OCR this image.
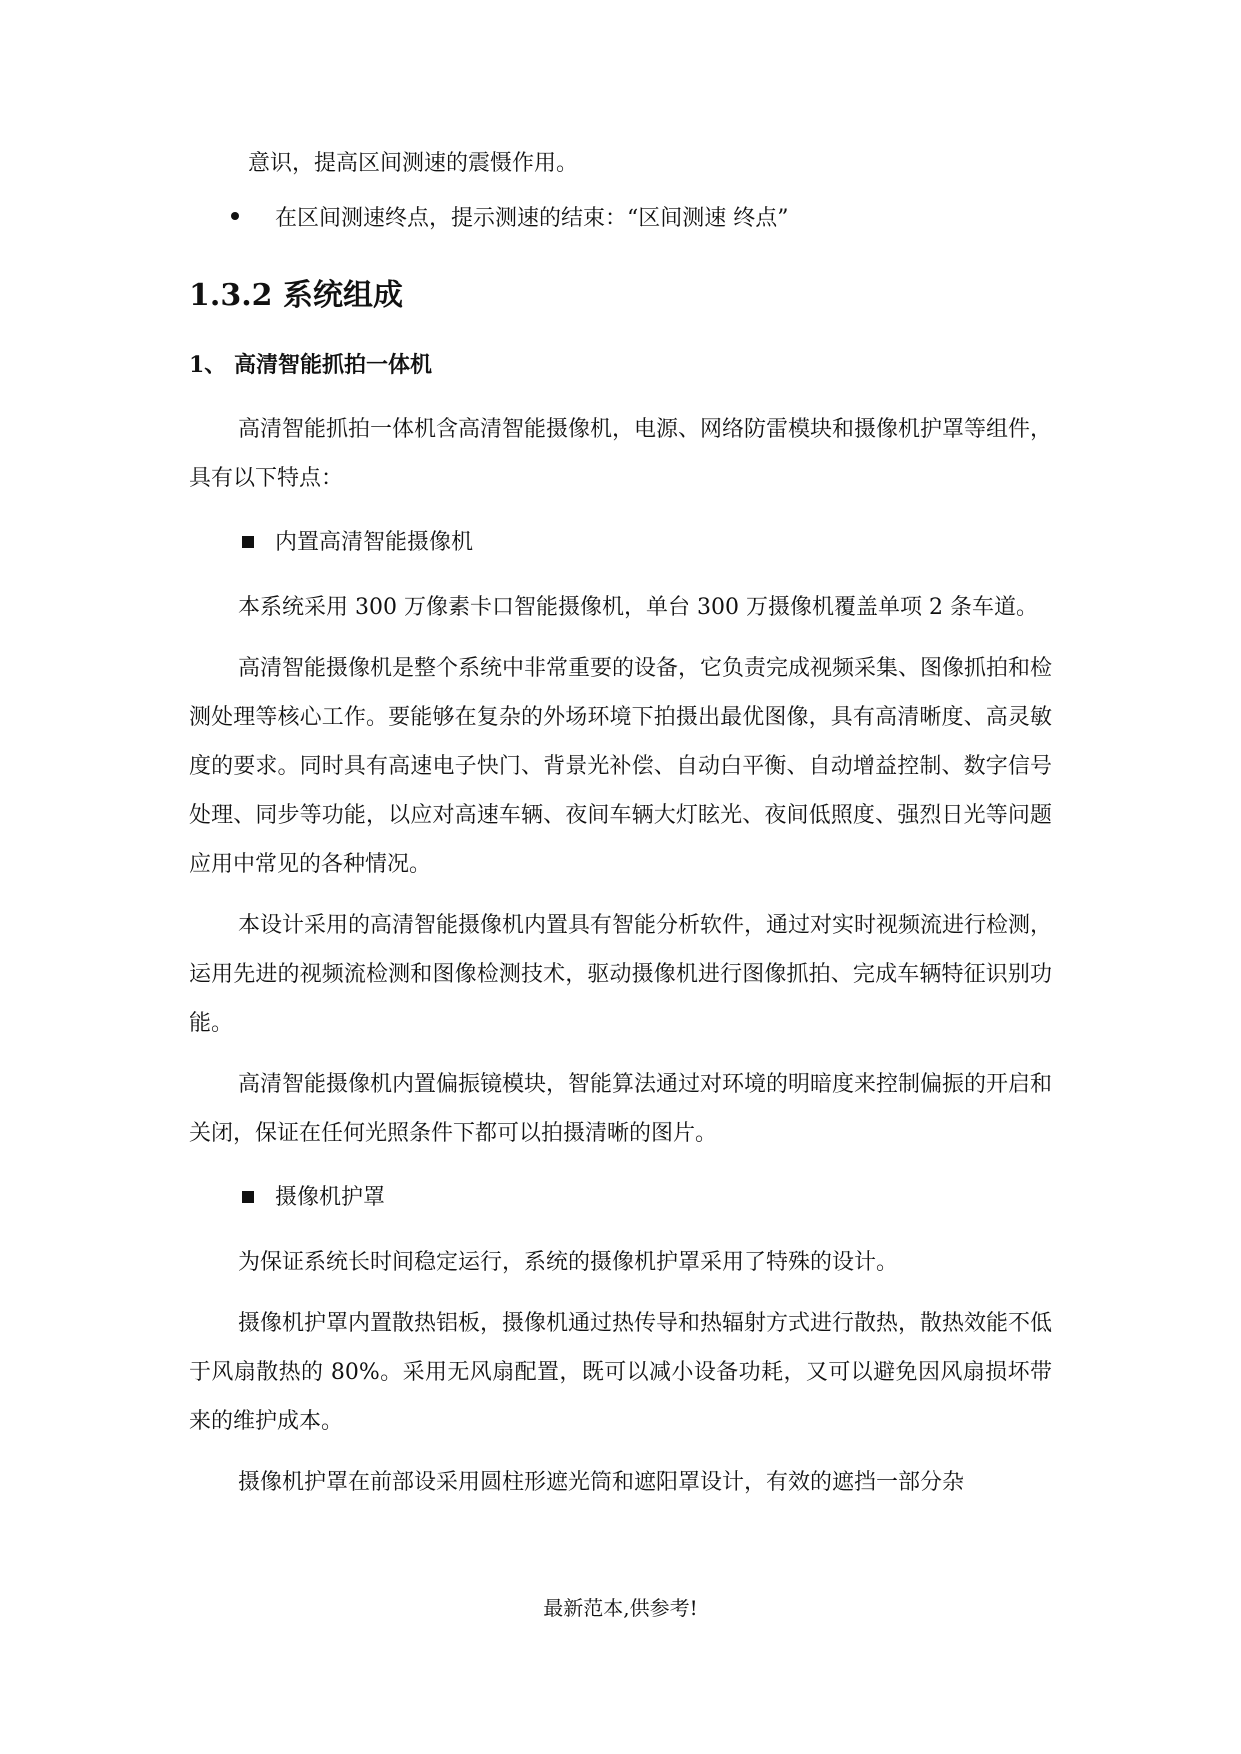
意识，提高区间测速的震慑作用。

在区间测速终点，提示测速的结束：“区间测速 终点”
1.3.2 系统组成
1、 高清智能抓拍一体机

高清智能抓拍一体机含高清智能摄像机，电源、网络防雷模块和摄像机护罩等组件，具有以下特点：

内置高清智能摄像机

本系统采用 300 万像素卡口智能摄像机，单台 300 万摄像机覆盖单项 2 条车道。

高清智能摄像机是整个系统中非常重要的设备，它负责完成视频采集、图像抓拍和检测处理等核心工作。要能够在复杂的外场环境下拍摄出最优图像，具有高清晰度、高灵敏度的要求。同时具有高速电子快门、背景光补偿、自动白平衡、自动增益控制、数字信号处理、同步等功能，以应对高速车辆、夜间车辆大灯眩光、夜间低照度、强烈日光等问题应用中常见的各种情况。

本设计采用的高清智能摄像机内置具有智能分析软件，通过对实时视频流进行检测，运用先进的视频流检测和图像检测技术，驱动摄像机进行图像抓拍、完成车辆特征识别功能。

高清智能摄像机内置偏振镜模块，智能算法通过对环境的明暗度来控制偏振的开启和关闭，保证在任何光照条件下都可以拍摄清晰的图片。

摄像机护罩

为保证系统长时间稳定运行，系统的摄像机护罩采用了特殊的设计。

摄像机护罩内置散热铝板，摄像机通过热传导和热辐射方式进行散热，散热效能不低于风扇散热的 80%。采用无风扇配置，既可以减小设备功耗，又可以避免因风扇损坏带来的维护成本。

摄像机护罩在前部设采用圆柱形遮光筒和遮阳罩设计，有效的遮挡一部分杂

最新范本,供参考!
